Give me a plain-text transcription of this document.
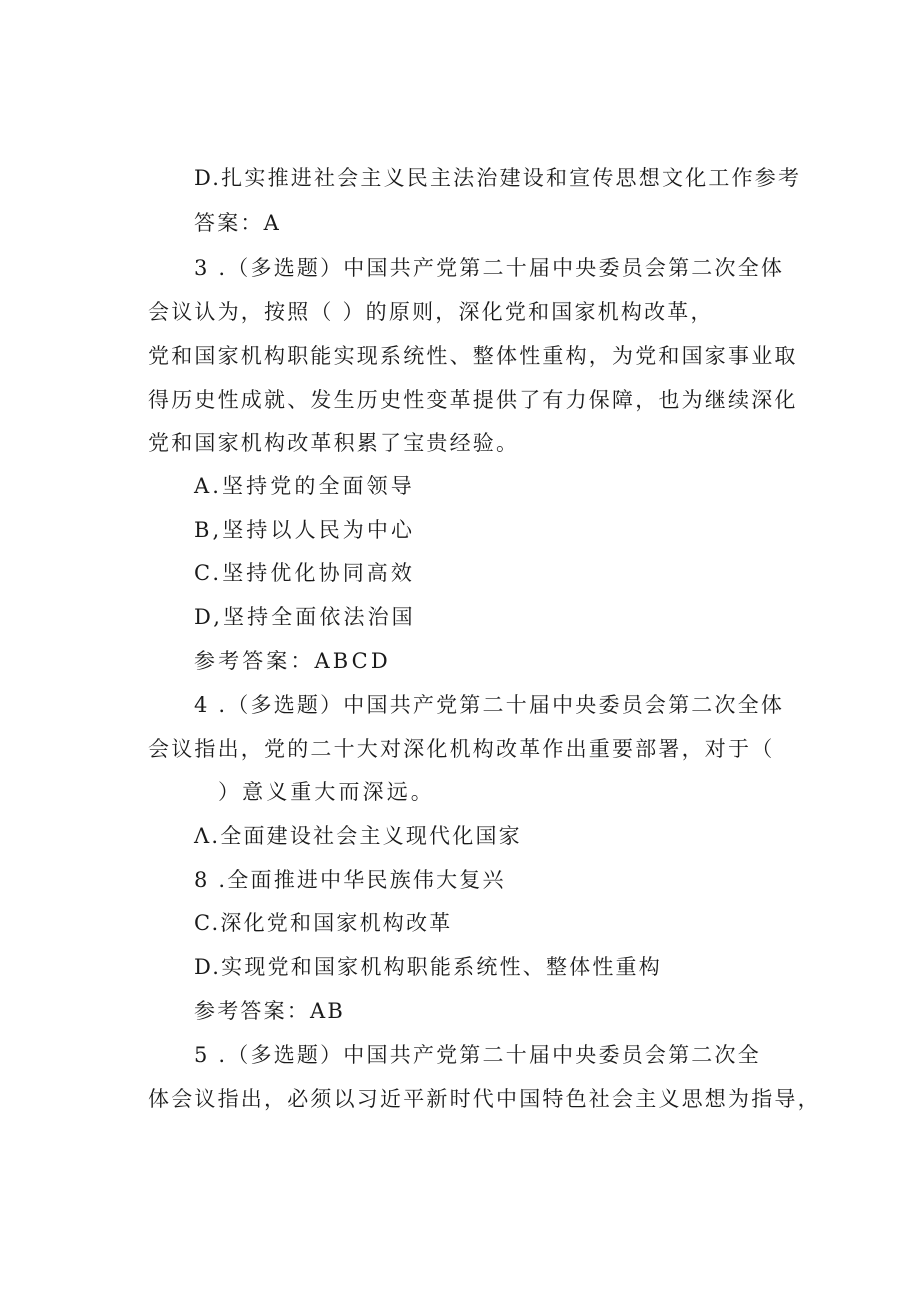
D.扎实推进社会主义民主法治建设和宣传思想文化工作参考
答案：A
3 .（多选题）中国共产党第二十届中央委员会第二次全体
会议认为，按照（ ）的原则，深化党和国家机构改革，
党和国家机构职能实现系统性、整体性重构，为党和国家事业取
得历史性成就、发生历史性变革提供了有力保障，也为继续深化
党和国家机构改革积累了宝贵经验。
A.坚持党的全面领导
B,坚持以人民为中心
C.坚持优化协同高效
D,坚持全面依法治国
参考答案：ABCD
4 .（多选题）中国共产党第二十届中央委员会第二次全体
会议指出，党的二十大对深化机构改革作出重要部署，对于（
）意义重大而深远。
Λ.全面建设社会主义现代化国家
8 .全面推进中华民族伟大复兴
C.深化党和国家机构改革
D.实现党和国家机构职能系统性、整体性重构
参考答案：AB
5 .（多选题）中国共产党第二十届中央委员会第二次全
体会议指出，必须以习近平新时代中国特色社会主义思想为指导，
